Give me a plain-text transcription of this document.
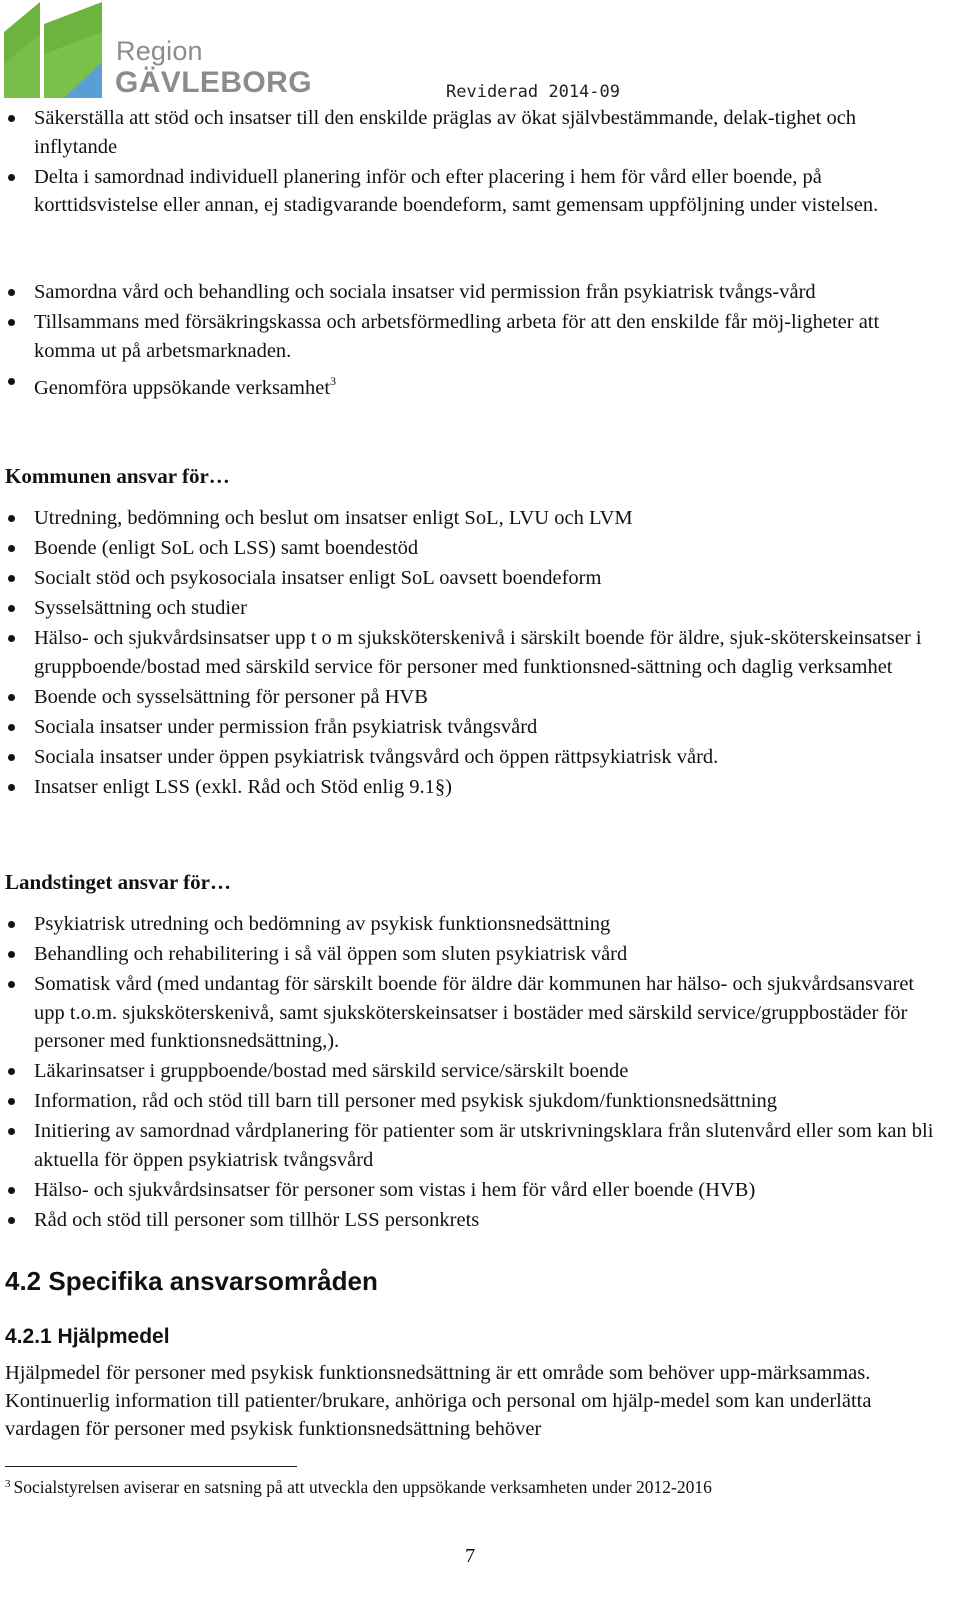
Region
GÄVLEBORG	Reviderad 2014-09
Säkerställa att stöd och insatser till den enskilde präglas av ökat självbestämmande, delak-tighet och inflytande
Delta i samordnad individuell planering inför och efter placering i hem för vård eller boende, på korttidsvistelse eller annan, ej stadigvarande boendeform, samt gemensam uppföljning under vistelsen.
Samordna vård och behandling och sociala insatser vid permission från psykiatrisk tvångs-vård
Tillsammans med försäkringskassa och arbetsförmedling arbeta för att den enskilde får möj-ligheter att komma ut på arbetsmarknaden.
Genomföra uppsökande verksamhet$^3$
Kommunen ansvar för…
Utredning, bedömning och beslut om insatser enligt SoL, LVU och LVM
Boende (enligt SoL och LSS) samt boendestöd
Socialt stöd och psykosociala insatser enligt SoL oavsett boendeform
Sysselsättning och studier
Hälso- och sjukvårdsinsatser upp t o m sjuksköterskenivå i särskilt boende för äldre, sjuk-sköterskeinsatser i gruppboende/bostad med särskild service för personer med funktionsned-sättning och daglig verksamhet
Boende och sysselsättning för personer på HVB
Sociala insatser under permission från psykiatrisk tvångsvård
Sociala insatser under öppen psykiatrisk tvångsvård och öppen rättpsykiatrisk vård.
Insatser enligt LSS (exkl. Råd och Stöd enlig 9.1§)
Landstinget ansvar för…
Psykiatrisk utredning och bedömning av psykisk funktionsnedsättning
Behandling och rehabilitering i så väl öppen som sluten psykiatrisk vård
Somatisk vård (med undantag för särskilt boende för äldre där kommunen har hälso- och sjukvårdsansvaret upp t.o.m. sjuksköterskenivå, samt sjuksköterskeinsatser i bostäder med särskild service/gruppbostäder för personer med funktionsnedsättning,).
Läkarinsatser i gruppboende/bostad med särskild service/särskilt boende
Information, råd och stöd till barn till personer med psykisk sjukdom/funktionsnedsättning
Initiering av samordnad vårdplanering för patienter som är utskrivningsklara från slutenvård eller som kan bli aktuella för öppen psykiatrisk tvångsvård
Hälso- och sjukvårdsinsatser för personer som vistas i hem för vård eller boende (HVB)
Råd och stöd till personer som tillhör LSS personkrets
4.2 Specifika ansvarsområden
4.2.1 Hjälpmedel
Hjälpmedel för personer med psykisk funktionsnedsättning är ett område som behöver upp-märksammas. Kontinuerlig information till patienter/brukare, anhöriga och personal om hjälp-medel som kan underlätta vardagen för personer med psykisk funktionsnedsättning behöver
$^3$ Socialstyrelsen aviserar en satsning på att utveckla den uppsökande verksamheten under 2012-2016
7
